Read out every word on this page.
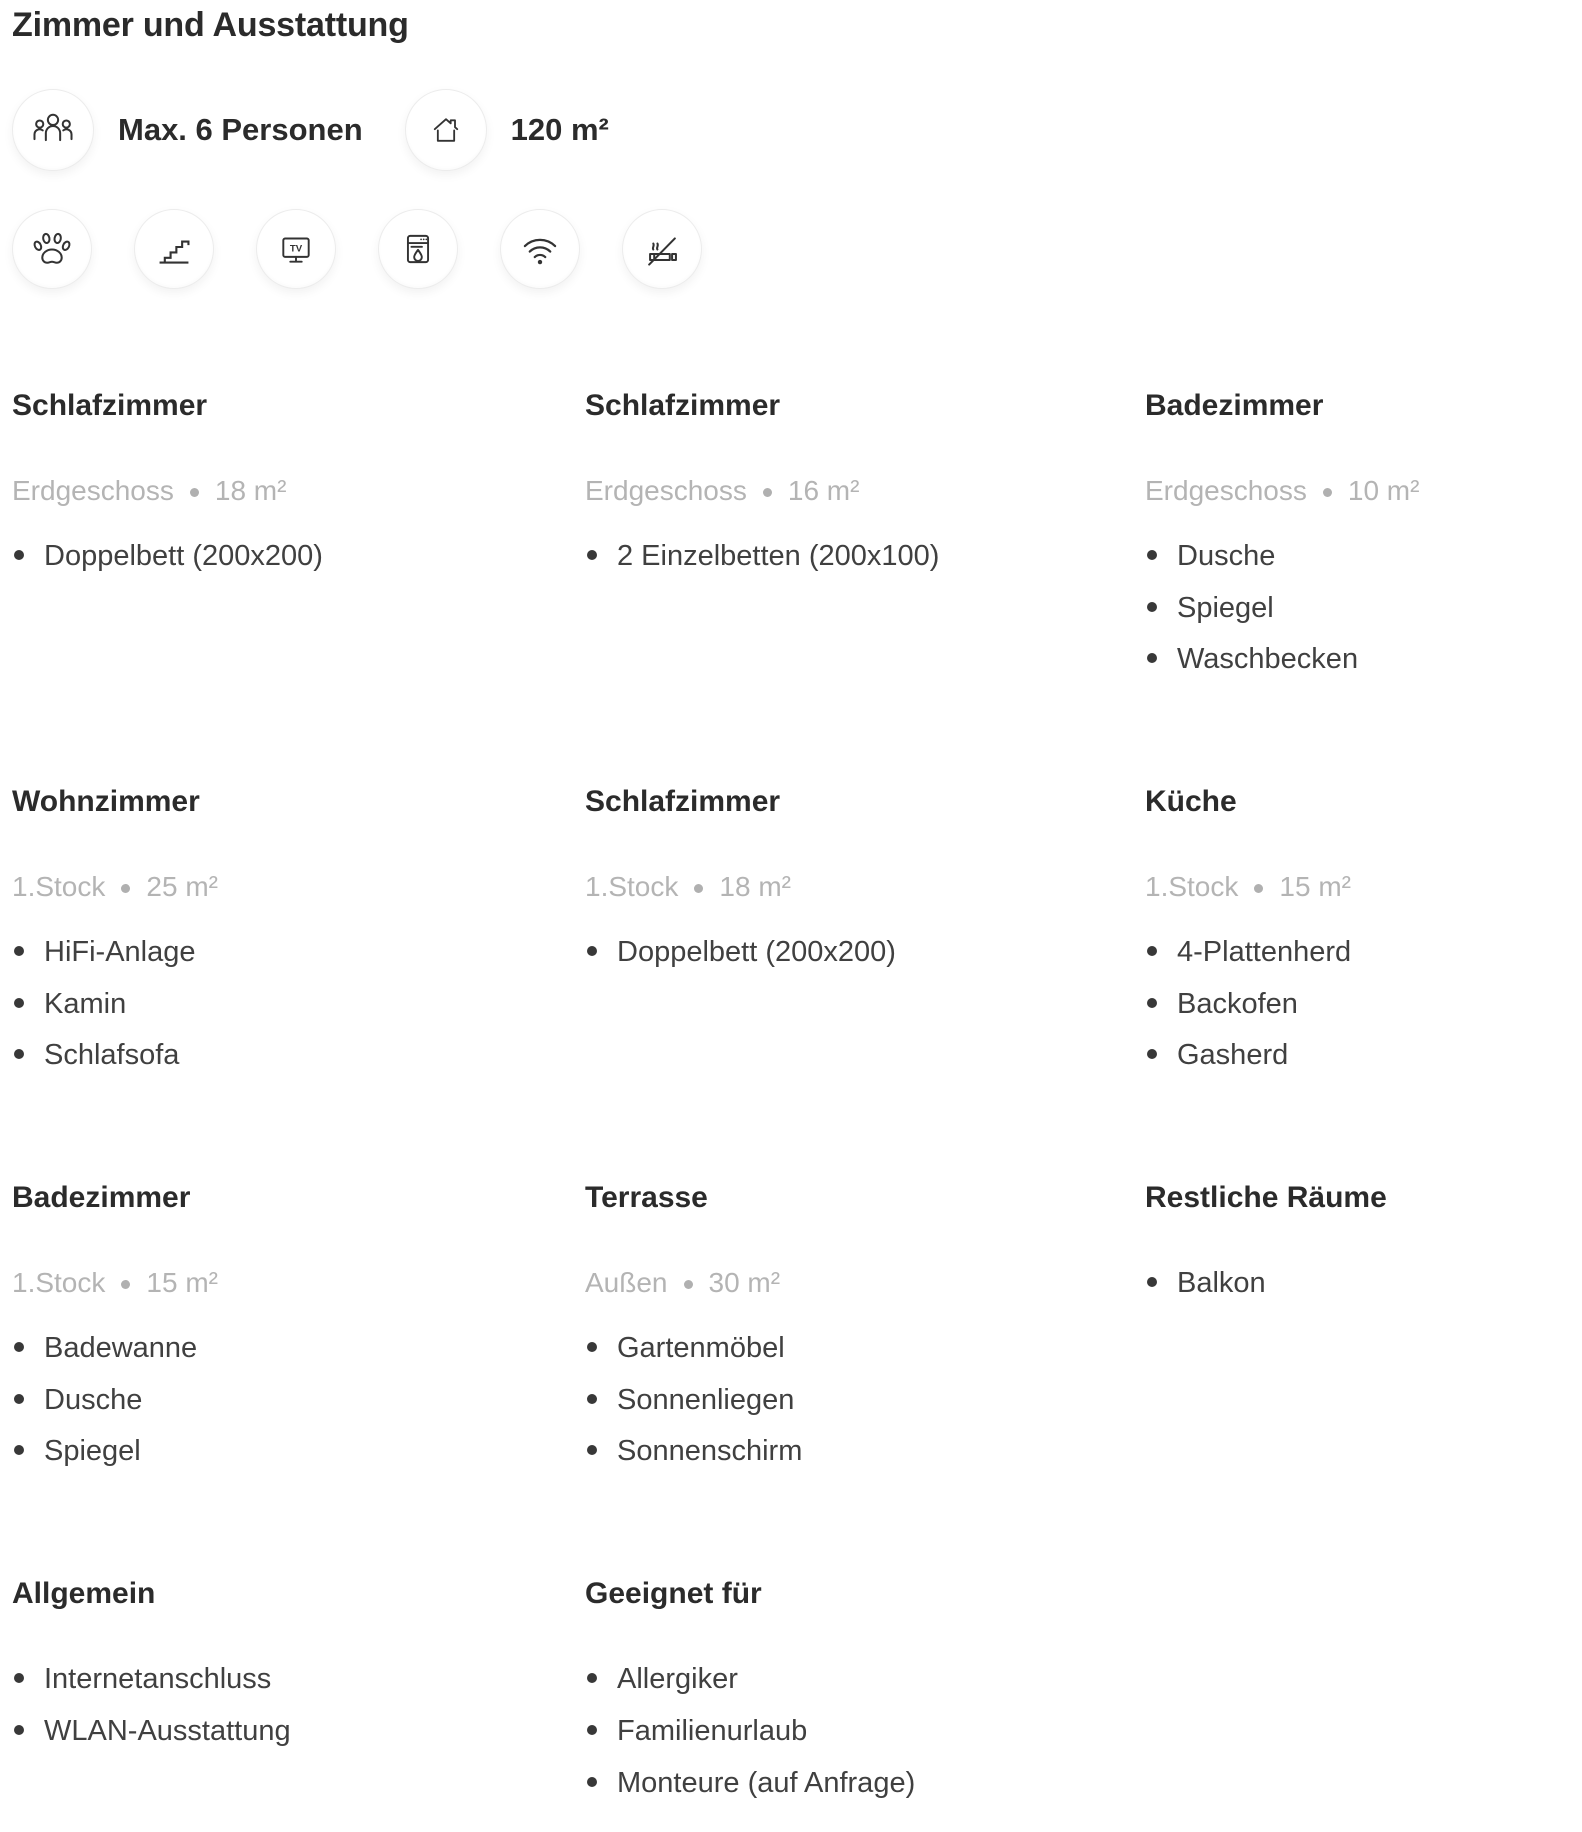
Zimmer und Ausstattung
Max. 6 Personen	120 m²
TV
Schlafzimmer
Erdgeschoss 18 m²
Doppelbett (200x200)
Schlafzimmer
Erdgeschoss 16 m²
2 Einzelbetten (200x100)
Badezimmer
Erdgeschoss 10 m²
Dusche
Spiegel
Waschbecken
Wohnzimmer
1.Stock 25 m²
HiFi-Anlage
Kamin
Schlafsofa
Schlafzimmer
1.Stock 18 m²
Doppelbett (200x200)
Küche
1.Stock 15 m²
4-Plattenherd
Backofen
Gasherd
Badezimmer
1.Stock 15 m²
Badewanne
Dusche
Spiegel
Terrasse
Außen 30 m²
Gartenmöbel
Sonnenliegen
Sonnenschirm
Restliche Räume
Balkon
Allgemein
Internetanschluss
WLAN-Ausstattung
Geeignet für
Allergiker
Familienurlaub
Monteure (auf Anfrage)
